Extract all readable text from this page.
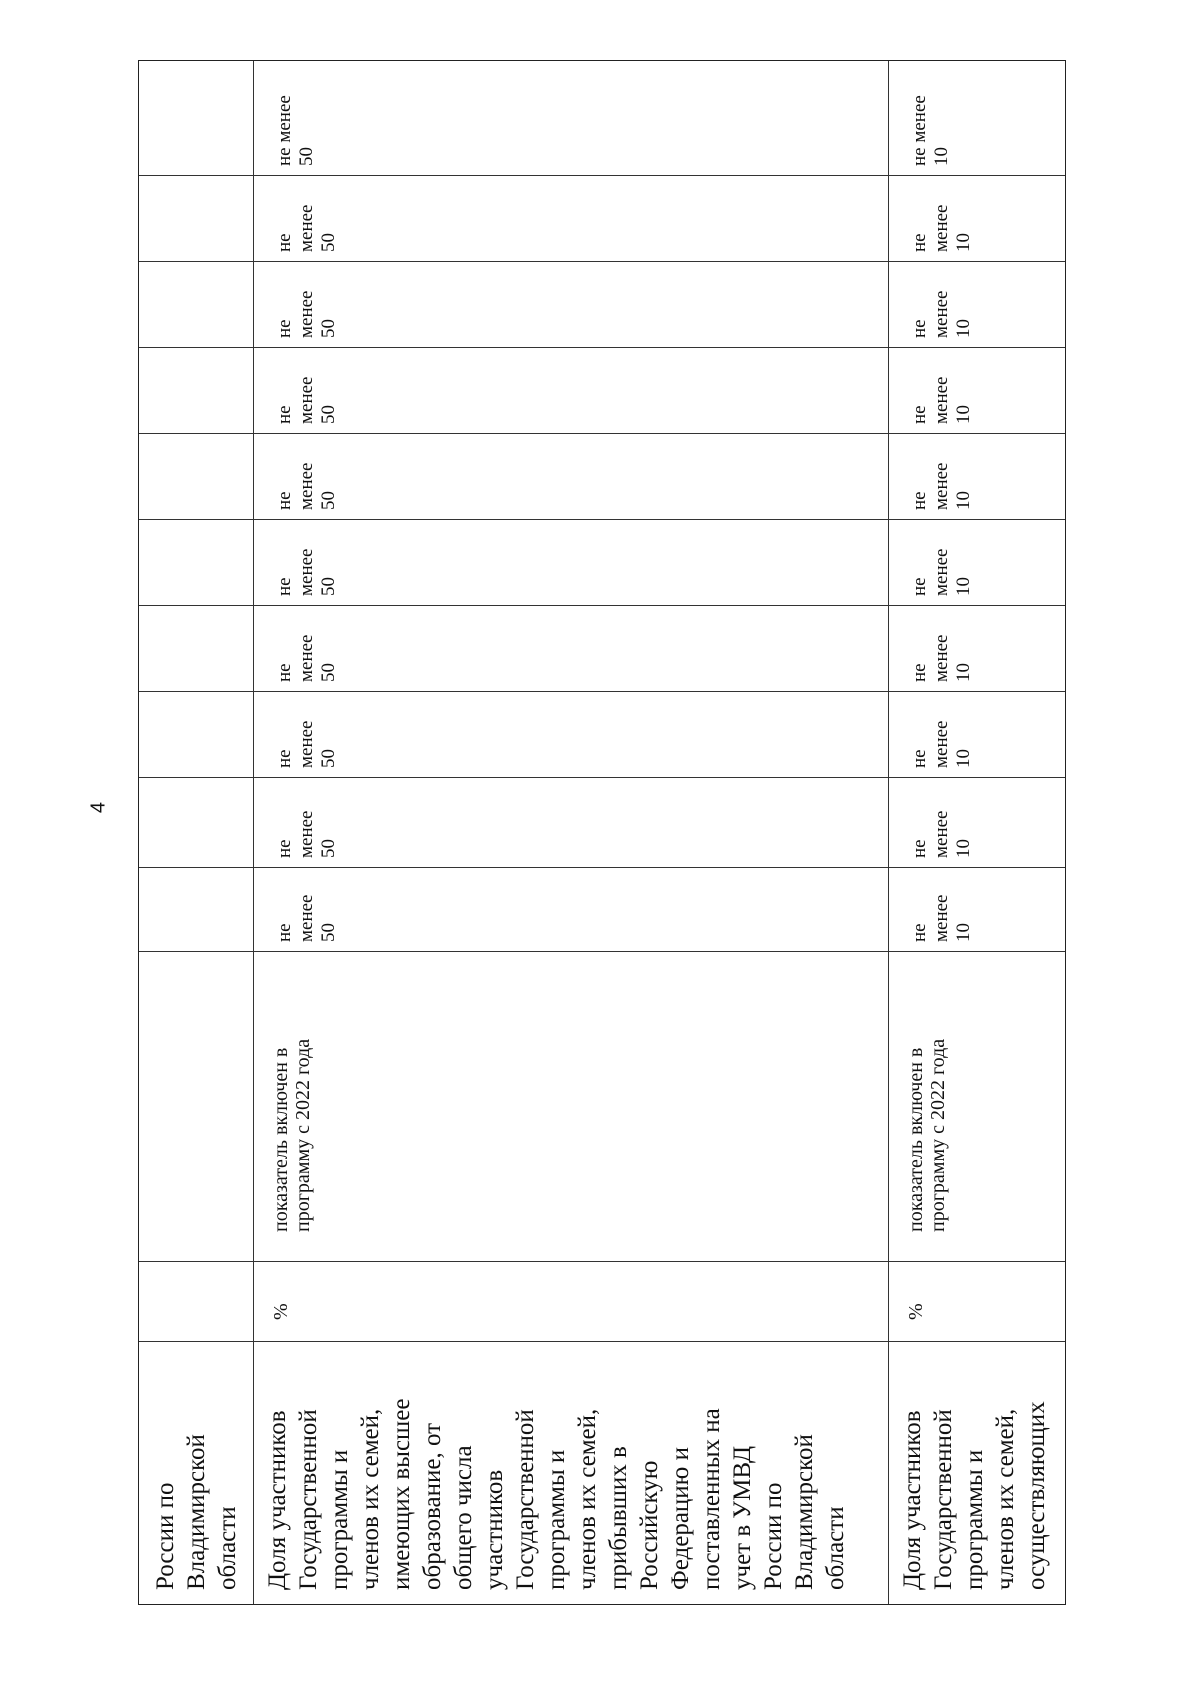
4
России по
Владимирской
области Доля участников
Государственной
программы и
членов их семей,
имеющих высшее
образование, от
общего числа
участников
Государственной
программы и
членов их семей,
прибывших в
Российскую
Федерацию и
поставленных на
учет в УМВД
России по
Владимирской
области
%
показатель включен в
программу с 2022 года
не
менее
50
не
менее
50
не
менее
50
не
менее
50
не
менее
50
не
менее
50
не
менее
50
не
менее
50
не
менее
50
не менее
50
Доля участников
Государственной
программы и
членов их семей,
осуществляющих
%
показатель включен в
программу с 2022 года
не
менее
10
не
менее
10
не
менее
10
не
менее
10
не
менее
10
не
менее
10
не
менее
10
не
менее
10
не
менее
10
не менее
10
